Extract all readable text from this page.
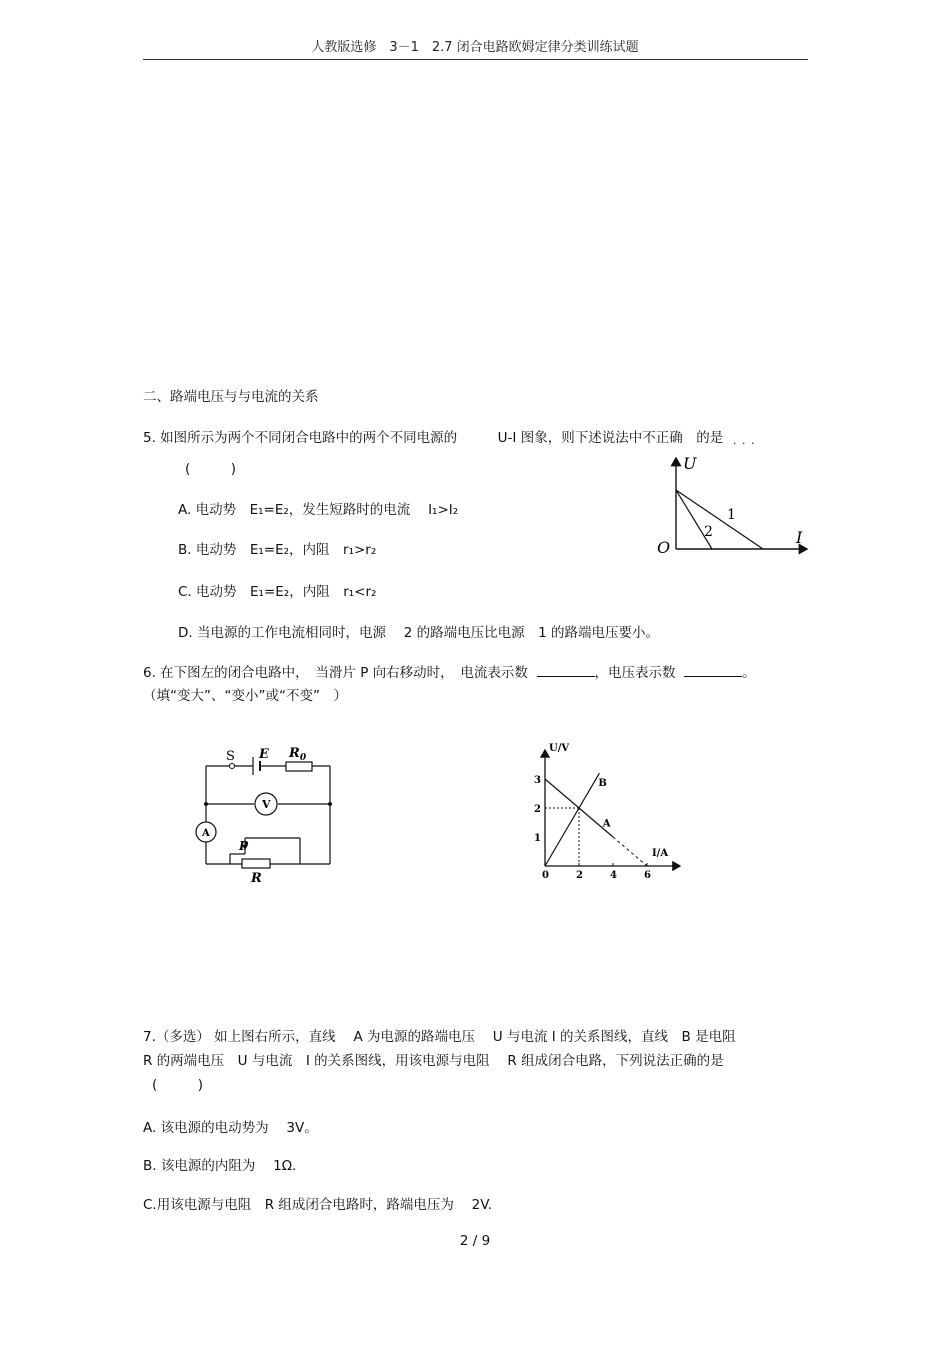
人教版选修　3－1　2.7 闭合电路欧姆定律分类训练试题
二、路端电压与与电流的关系
5. 如图所示为两个不同闭合电路中的两个不同电源的　　　U-I 图象，则下述说法中不正确　的是 · · ·
(　　　)
A. 电动势　E₁=E₂，发生短路时的电流　 I₁>I₂
B. 电动势　E₁=E₂，内阻　r₁>r₂
C. 电动势　E₁=E₂，内阻　r₁<r₂
D. 当电源的工作电流相同时，电源　 2 的路端电压比电源　1 的路端电压要小。
U
I
O
1
2
6. 在下图左的闭合电路中，　当滑片 P 向右移动时，　电流表示数	，电压表示数	。
（填“变大”、“变小”或“不变”　）
S E $R_0$
V
A
P
R
U/V
I/A
0	2	4	6
1
2
3
A
B
7.（多选） 如上图右所示，直线　 A 为电源的路端电压　 U 与电流 I 的关系图线，直线　B 是电阻
R 的两端电压　U 与电流　I 的关系图线，用该电源与电阻　 R 组成闭合电路，下列说法正确的是
(　　　)
A. 该电源的电动势为　 3V。
B. 该电源的内阻为　 1Ω.
C.用该电源与电阻　R 组成闭合电路时，路端电压为　 2V.
2 / 9
